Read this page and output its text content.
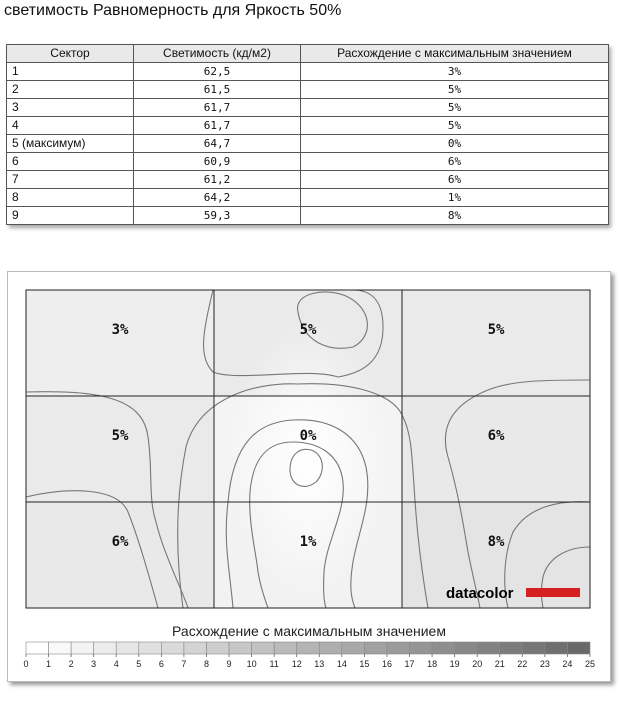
светимость Равномерность для Яркость 50%
Сектор	Светимость (кд/м2)	Расхождение с максимальным значением
1	62,5	3%
2	61,5	5%
3	61,7	5%
4	61,7	5%
5 (максимум)	64,7	0%
6	60,9	6%
7	61,2	6%
8	64,2	1%
9	59,3	8%
3%	5%	5%
5%	0%	6%
6%	1%	8%
datacolor
Расхождение с максимальным значением
0 1 2 3 4 5 6 7 8 9 10 11 12 13 14 15 16 17 18 19 20 21 22 23 24 25
